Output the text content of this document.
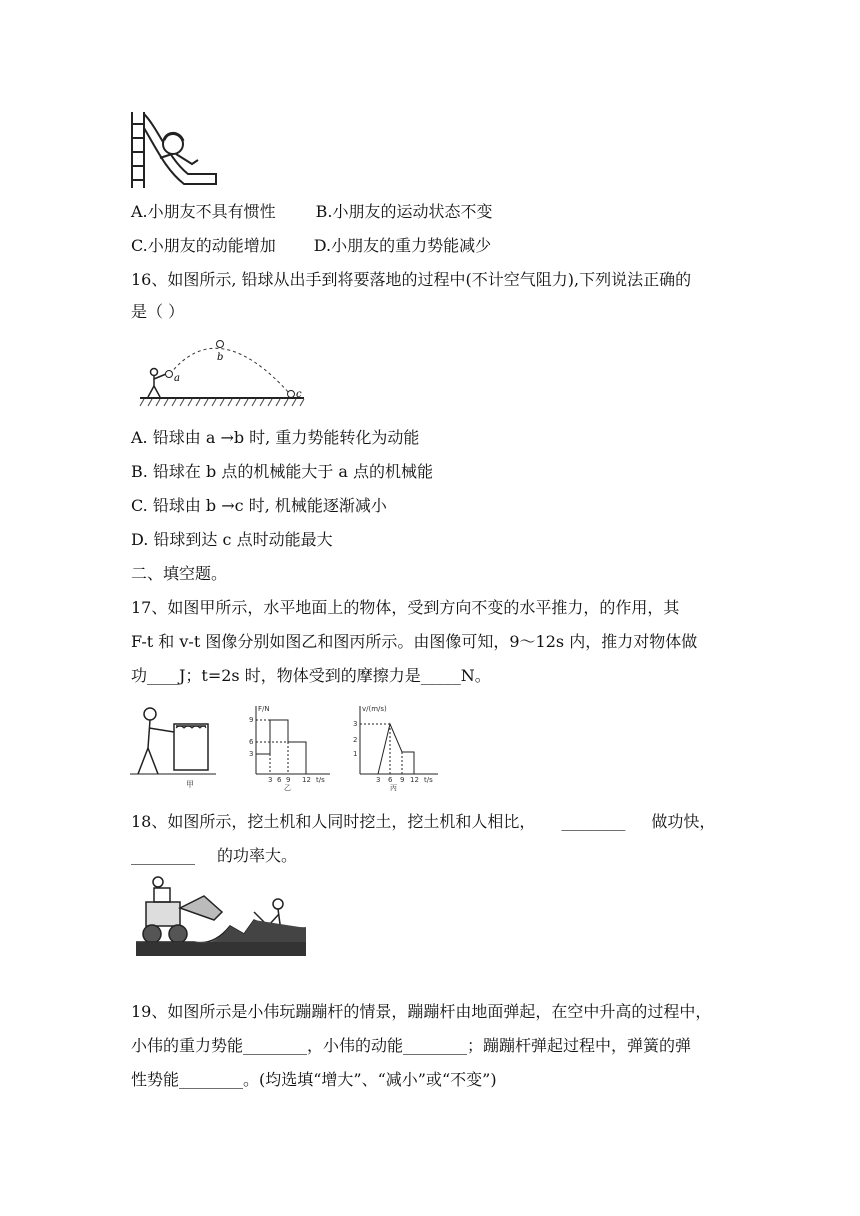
A.小朋友不具有惯性	B.小朋友的运动状态不变
C.小朋友的动能增加 D.小朋友的重力势能减少
16、如图所示, 铅球从出手到将要落地的过程中(不计空气阻力),下列说法正确的
是（ ）
a
b
c
A. 铅球由 a →b 时, 重力势能转化为动能
B. 铅球在 b 点的机械能大于 a 点的机械能
C. 铅球由 b →c 时, 机械能逐渐减小
D. 铅球到达 c 点时动能最大
二、填空题。
17、如图甲所示，水平地面上的物体，受到方向不变的水平推力，的作用，其
F-t 和 v-t 图像分别如图乙和图丙所示。由图像可知，9～12s 内，推力对物体做
功____J；t=2s 时，物体受到的摩擦力是_____N。
甲
F/N
9
6
3
3 6 9 12 t/s
乙
v/(m/s)
3
2
1
3 6 9 12 t/s
丙
18、如图所示，挖土机和人同时挖土，挖土机和人相比， ________ 做功快，
________ 的功率大。
19、如图所示是小伟玩蹦蹦杆的情景，蹦蹦杆由地面弹起，在空中升高的过程中，
小伟的重力势能________，小伟的动能________；蹦蹦杆弹起过程中，弹簧的弹
性势能________。(均选填“增大”、“减小”或“不变”)
